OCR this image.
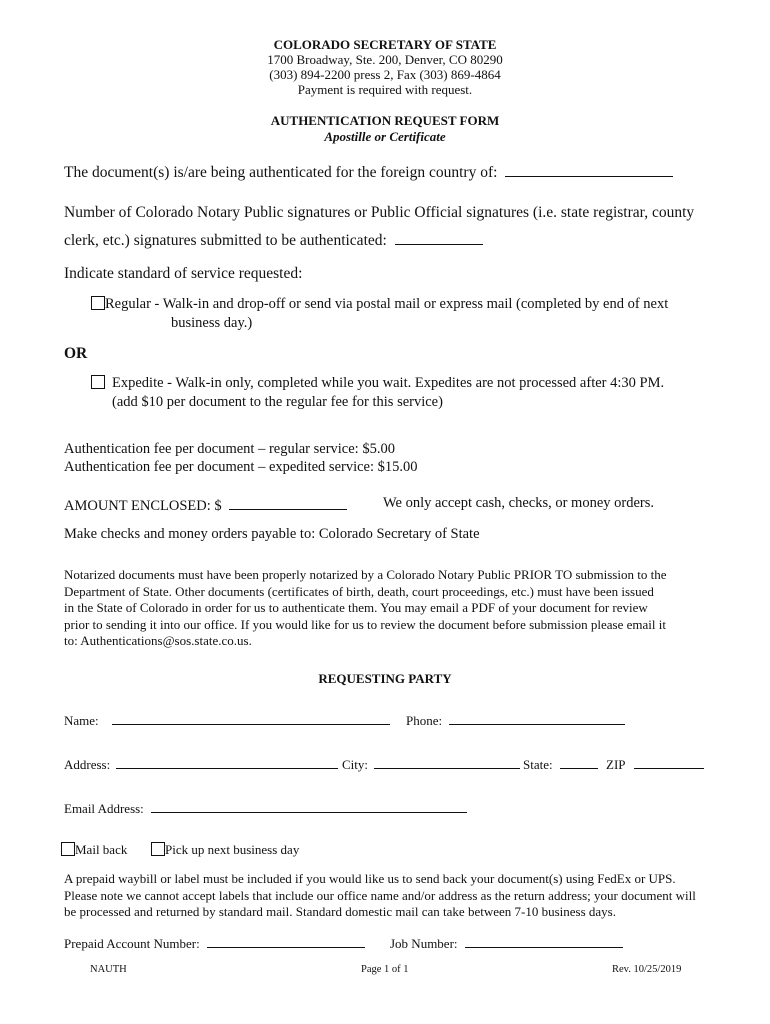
COLORADO SECRETARY OF STATE
1700 Broadway, Ste. 200, Denver, CO 80290
(303) 894-2200 press 2, Fax (303) 869-4864
Payment is required with request.
AUTHENTICATION REQUEST FORM
Apostille or Certificate
The document(s) is/are being authenticated for the foreign country of:
Number of Colorado Notary Public signatures or Public Official signatures (i.e. state registrar, county
clerk, etc.) signatures submitted to be authenticated:
Indicate standard of service requested:
Regular - Walk-in and drop-off or send via postal mail or express mail (completed by end of next
business day.)
OR
Expedite - Walk-in only, completed while you wait. Expedites are not processed after 4:30 PM.
(add $10 per document to the regular fee for this service)
Authentication fee per document – regular service: $5.00
Authentication fee per document – expedited service: $15.00
AMOUNT ENCLOSED: $	We only accept cash, checks, or money orders.
Make checks and money orders payable to: Colorado Secretary of State
Notarized documents must have been properly notarized by a Colorado Notary Public PRIOR TO submission to the
Department of State. Other documents (certificates of birth, death, court proceedings, etc.) must have been issued
in the State of Colorado in order for us to authenticate them. You may email a PDF of your document for review
prior to sending it into our office. If you would like for us to review the document before submission please email it
to: Authentications@sos.state.co.us.
REQUESTING PARTY
Name:	Phone:
Address:	City:	State:	ZIP
Email Address:
Mail back	Pick up next business day
A prepaid waybill or label must be included if you would like us to send back your document(s) using FedEx or UPS.
Please note we cannot accept labels that include our office name and/or address as the return address; your document will
be processed and returned by standard mail. Standard domestic mail can take between 7-10 business days.
Prepaid Account Number:	Job Number:
NAUTH	Page 1 of 1	Rev. 10/25/2019
